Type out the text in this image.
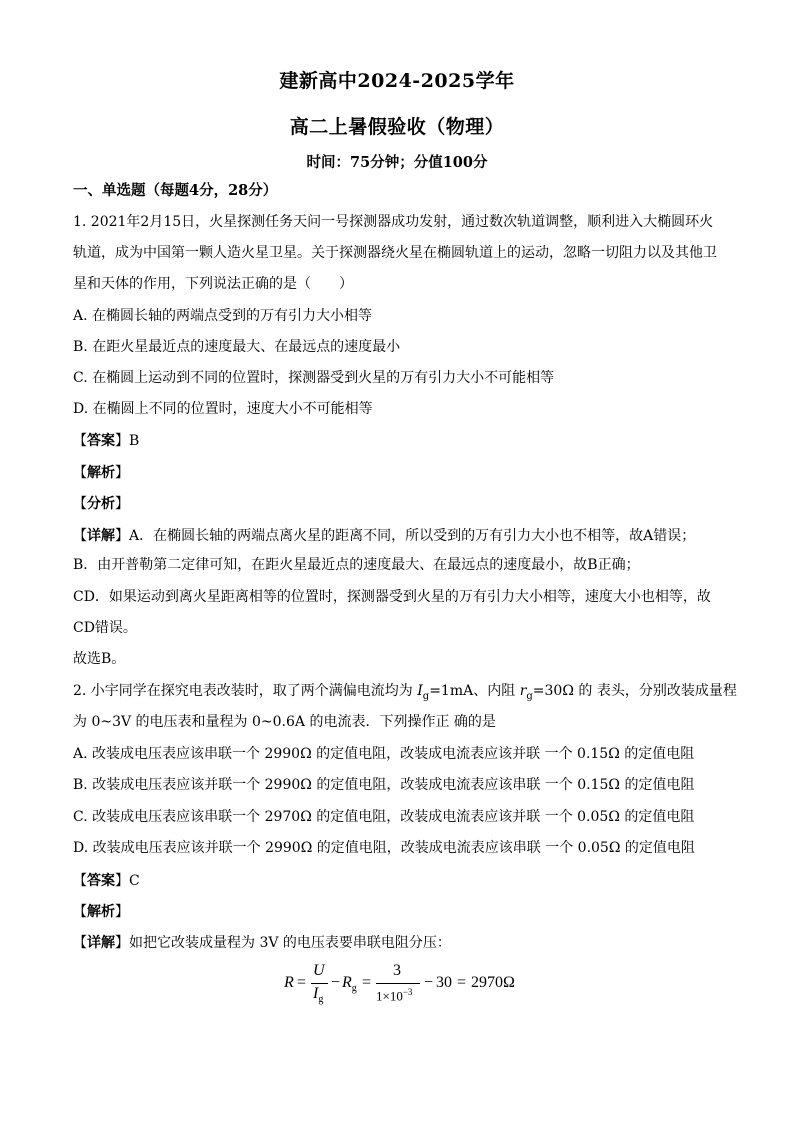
建新高中2024-2025学年
高二上暑假验收（物理）
时间：75分钟；分值100分
一、单选题（每题4分，28分）
1. 2021年2月15日，火星探测任务天问一号探测器成功发射，通过数次轨道调整，顺利进入大椭圆环火
轨道，成为中国第一颗人造火星卫星。关于探测器绕火星在椭圆轨道上的运动，忽略一切阻力以及其他卫
星和天体的作用，下列说法正确的是（　　）
A. 在椭圆长轴的两端点受到的万有引力大小相等
B. 在距火星最近点的速度最大、在最远点的速度最小
C. 在椭圆上运动到不同的位置时，探测器受到火星的万有引力大小不可能相等
D. 在椭圆上不同的位置时，速度大小不可能相等
【答案】B
【解析】
【分析】
【详解】A．在椭圆长轴的两端点离火星的距离不同，所以受到的万有引力大小也不相等，故A错误；
B．由开普勒第二定律可知，在距火星最近点的速度最大、在最远点的速度最小，故B正确；
CD．如果运动到离火星距离相等的位置时，探测器受到火星的万有引力大小相等，速度大小也相等，故
CD错误。
故选B。
2. 小宇同学在探究电表改装时，取了两个满偏电流均为 $I_g=1mA$、内阻 $r_g=30\Omega$ 的 表头，分别改装成量程
为 0~3V 的电压表和量程为 0~0.6A 的电流表．下列操作正 确的是
A. 改装成电压表应该串联一个 2990Ω 的定值电阻，改装成电流表应该并联 一个 0.15Ω 的定值电阻
B. 改装成电压表应该并联一个 2990Ω 的定值电阻，改装成电流表应该串联 一个 0.15Ω 的定值电阻
C. 改装成电压表应该串联一个 2970Ω 的定值电阻，改装成电流表应该并联 一个 0.05Ω 的定值电阻
D. 改装成电压表应该并联一个 2990Ω 的定值电阻，改装成电流表应该串联 一个 0.05Ω 的定值电阻
【答案】C
【解析】
【详解】如把它改装成量程为 3V 的电压表要串联电阻分压：
R =
U
$I_g$
− $R_g$ =
3
$1\times 10^{-3}$
− 30 = 2970Ω
